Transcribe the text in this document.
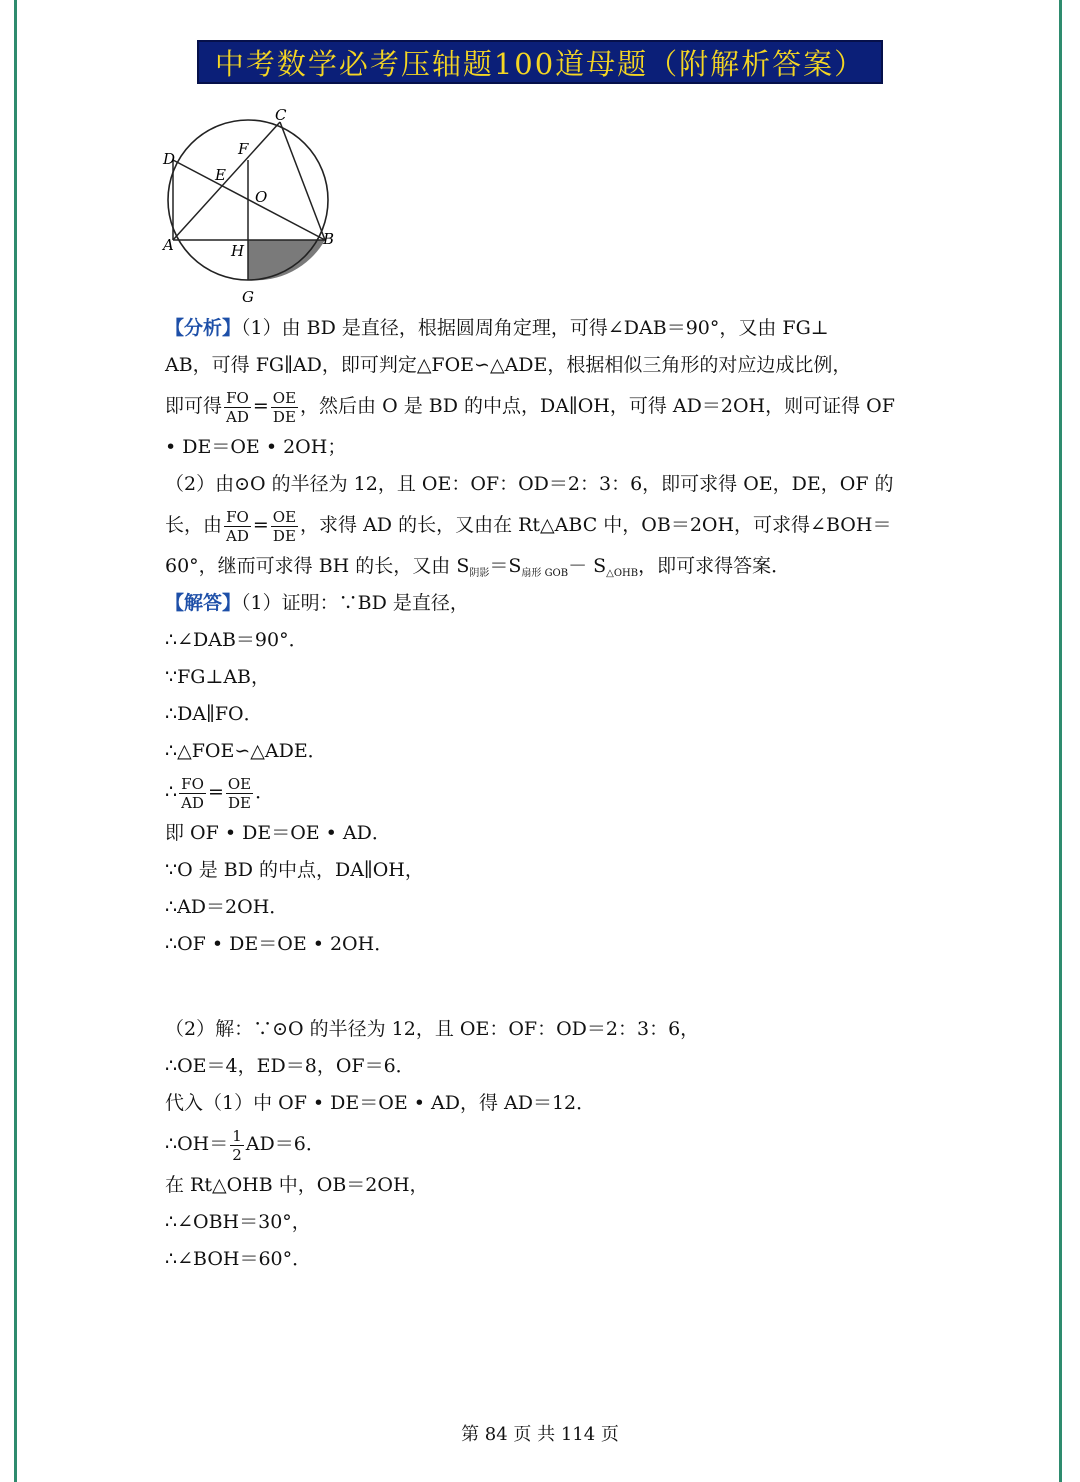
中考数学必考压轴题100道母题（附解析答案）
C
D
F
E
O
A	H
B
G
【分析】（1）由 BD 是直径，根据圆周角定理，可得∠DAB＝90°，又由 FG⊥
AB，可得 FG∥AD，即可判定△FOE∽△ADE，根据相似三角形的对应边成比例，
即可得 $\frac{FO}{AD} = \frac{OE}{DE}$ ，然后由 O 是 BD 的中点，DA∥OH，可得 AD＝2OH，则可证得 OF
• DE＝OE • 2OH；
（2）由⊙O 的半径为 12，且 OE：OF：OD＝2：3：6，即可求得 OE，DE，OF 的
长，由 $\frac{FO}{AD} = \frac{OE}{DE}$ ，求得 AD 的长，又由在 Rt△ABC 中，OB＝2OH，可求得∠BOH＝
60°，继而可求得 BH 的长，又由 $S_{阴影}=S_{扇形 GOB}- S_{\triangle OHB}$，即可求得答案．
【解答】（1）证明：∵BD 是直径，
∴∠DAB＝90°．
∵FG⊥AB，
∴DA∥FO．
∴△FOE∽△ADE．
∴ $\frac{FO}{AD} = \frac{OE}{DE}$ ．
即 OF • DE＝OE • AD．
∵O 是 BD 的中点，DA∥OH，
∴AD＝2OH．
∴OF • DE＝OE • 2OH．
（2）解：∵⊙O 的半径为 12，且 OE：OF：OD＝2：3：6，
∴OE＝4，ED＝8，OF＝6．
代入（1）中 OF • DE＝OE • AD，得 AD＝12．
∴OH＝ $\frac{1}{2} AD=6$．
在 Rt△OHB 中，OB＝2OH，
∴∠OBH＝30°，
∴∠BOH＝60°．
第 84 页 共 114 页
